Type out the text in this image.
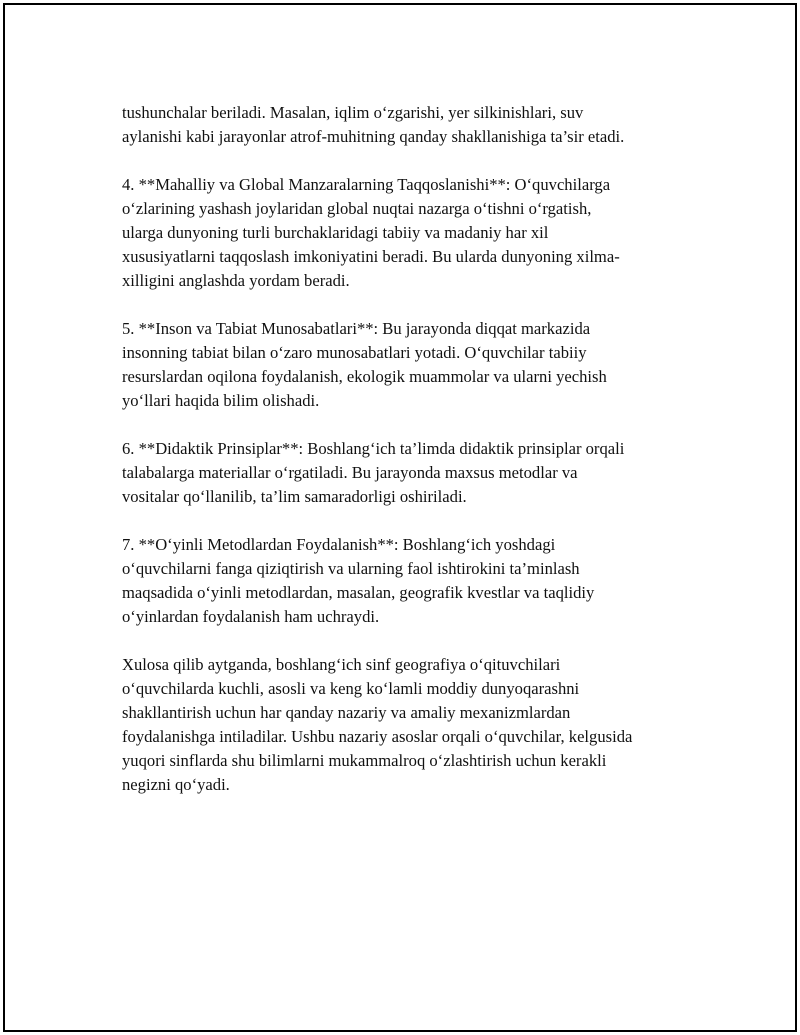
tushunchalar beriladi. Masalan, iqlim o‘zgarishi, yer silkinishlari, suv
aylanishi kabi jarayonlar atrof-muhitning qanday shakllanishiga ta’sir etadi.

4. **Mahalliy va Global Manzaralarning Taqqoslanishi**: O‘quvchilarga
o‘zlarining yashash joylaridan global nuqtai nazarga o‘tishni o‘rgatish,
ularga dunyoning turli burchaklaridagi tabiiy va madaniy har xil
xususiyatlarni taqqoslash imkoniyatini beradi. Bu ularda dunyoning xilma-
xilligini anglashda yordam beradi.

5. **Inson va Tabiat Munosabatlari**: Bu jarayonda diqqat markazida
insonning tabiat bilan o‘zaro munosabatlari yotadi. O‘quvchilar tabiiy
resurslardan oqilona foydalanish, ekologik muammolar va ularni yechish
yo‘llari haqida bilim olishadi.

6. **Didaktik Prinsiplar**: Boshlang‘ich ta’limda didaktik prinsiplar orqali
talabalarga materiallar o‘rgatiladi. Bu jarayonda maxsus metodlar va
vositalar qo‘llanilib, ta’lim samaradorligi oshiriladi.

7. **O‘yinli Metodlardan Foydalanish**: Boshlang‘ich yoshdagi
o‘quvchilarni fanga qiziqtirish va ularning faol ishtirokini ta’minlash
maqsadida o‘yinli metodlardan, masalan, geografik kvestlar va taqlidiy
o‘yinlardan foydalanish ham uchraydi.

Xulosa qilib aytganda, boshlang‘ich sinf geografiya o‘qituvchilari
o‘quvchilarda kuchli, asosli va keng ko‘lamli moddiy dunyoqarashni
shakllantirish uchun har qanday nazariy va amaliy mexanizmlardan
foydalanishga intiladilar. Ushbu nazariy asoslar orqali o‘quvchilar, kelgusida
yuqori sinflarda shu bilimlarni mukammalroq o‘zlashtirish uchun kerakli
negizni qo‘yadi.
